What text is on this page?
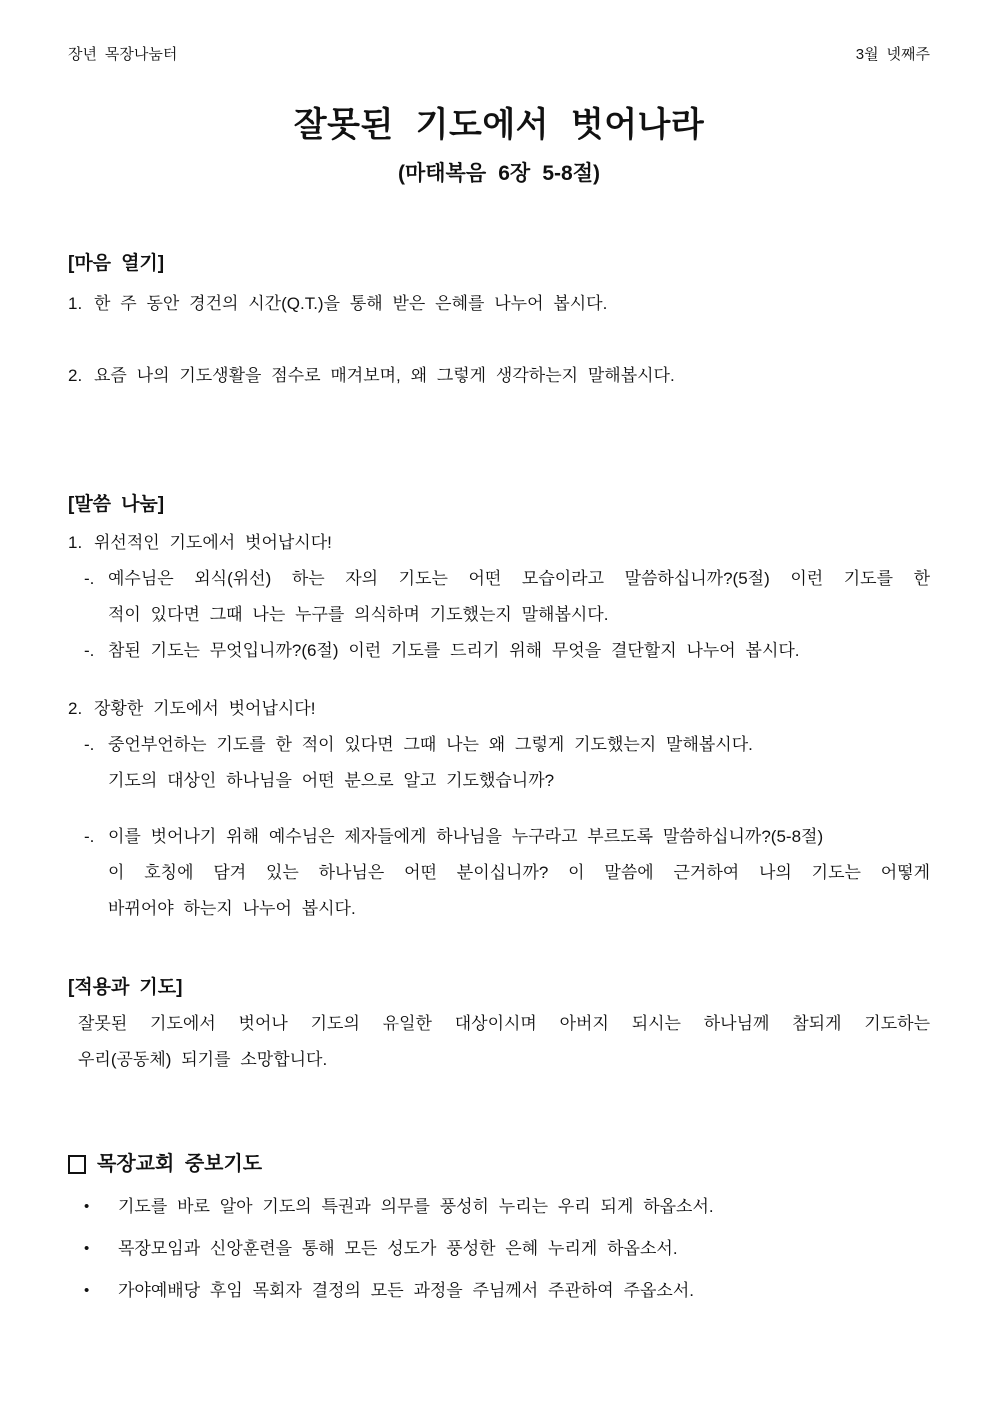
장년 목장나눔터	3월 넷째주
잘못된 기도에서 벗어나라
(마태복음 6장 5-8절)
[마음 열기]
1. 한 주 동안 경건의 시간(Q.T.)을 통해 받은 은혜를 나누어 봅시다.
2. 요즘 나의 기도생활을 점수로 매겨보며, 왜 그렇게 생각하는지 말해봅시다.
[말씀 나눔]
1. 위선적인 기도에서 벗어납시다!
-. 예수님은 외식(위선) 하는 자의 기도는 어떤 모습이라고 말씀하십니까?(5절) 이런 기도를 한
적이 있다면 그때 나는 누구를 의식하며 기도했는지 말해봅시다.
-. 참된 기도는 무엇입니까?(6절) 이런 기도를 드리기 위해 무엇을 결단할지 나누어 봅시다.
2. 장황한 기도에서 벗어납시다!
-. 중언부언하는 기도를 한 적이 있다면 그때 나는 왜 그렇게 기도했는지 말해봅시다.
기도의 대상인 하나님을 어떤 분으로 알고 기도했습니까?
-. 이를 벗어나기 위해 예수님은 제자들에게 하나님을 누구라고 부르도록 말씀하십니까?(5-8절)
이 호칭에 담겨 있는 하나님은 어떤 분이십니까? 이 말씀에 근거하여 나의 기도는 어떻게
바뀌어야 하는지 나누어 봅시다.
[적용과 기도]
잘못된 기도에서 벗어나 기도의 유일한 대상이시며 아버지 되시는 하나님께 참되게 기도하는
우리(공동체) 되기를 소망합니다.
목장교회 중보기도
•	기도를 바로 알아 기도의 특권과 의무를 풍성히 누리는 우리 되게 하옵소서.
•	목장모임과 신앙훈련을 통해 모든 성도가 풍성한 은혜 누리게 하옵소서.
•	가야예배당 후임 목회자 결정의 모든 과정을 주님께서 주관하여 주옵소서.
